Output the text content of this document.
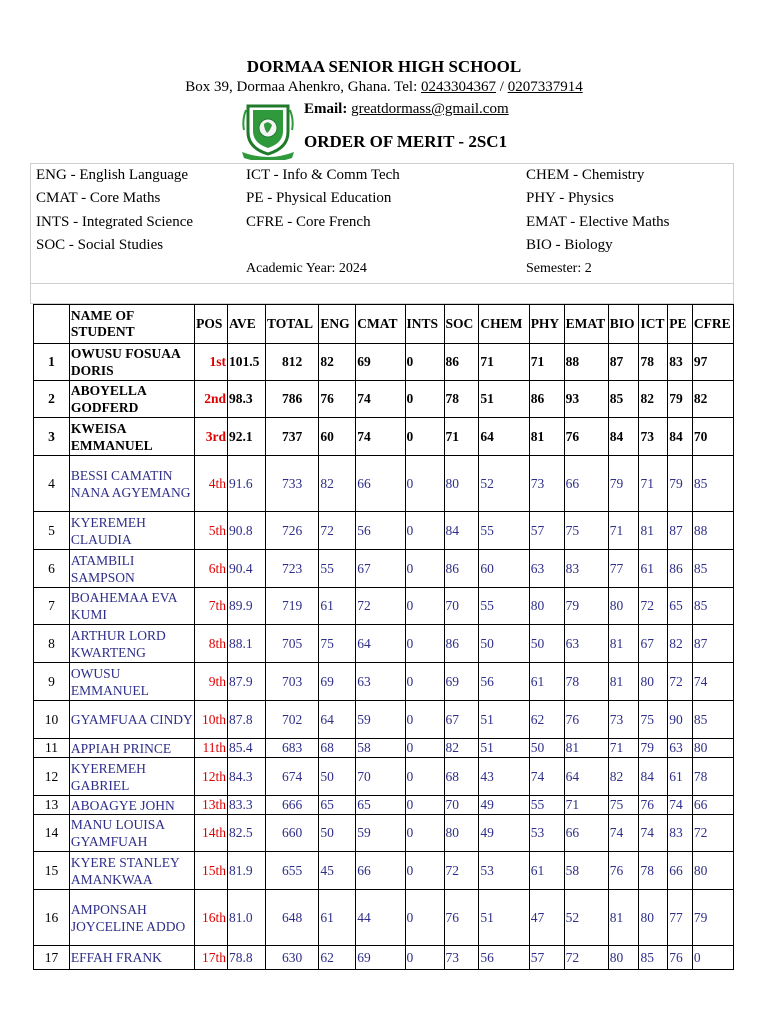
DORMAA SENIOR HIGH SCHOOL
Box 39, Dormaa Ahenkro, Ghana. Tel: 0243304367 / 0207337914
Email: greatdormass@gmail.com
ORDER OF MERIT - 2SC1
ENG - English Language
CMAT - Core Maths
INTS - Integrated Science
SOC - Social Studies
ICT - Info & Comm Tech
PE - Physical Education
CFRE - Core French
Academic Year: 2024
CHEM - Chemistry
PHY - Physics
EMAT - Elective Maths
BIO - Biology
Semester: 2
	NAME OF STUDENT	POS	AVE	TOTAL	ENG	CMAT	INTS	SOC	CHEM	PHY	EMAT	BIO	ICT	PE	CFRE
1	OWUSU FOSUAA DORIS	1st	101.5	812	82	69	0	86	71	71	88	87	78	83	97
2	ABOYELLA GODFERD	2nd	98.3	786	76	74	0	78	51	86	93	85	82	79	82
3	KWEISA EMMANUEL	3rd	92.1	737	60	74	0	71	64	81	76	84	73	84	70
4	BESSI CAMATIN NANA AGYEMANG	4th	91.6	733	82	66	0	80	52	73	66	79	71	79	85
5	KYEREMEH CLAUDIA	5th	90.8	726	72	56	0	84	55	57	75	71	81	87	88
6	ATAMBILI SAMPSON	6th	90.4	723	55	67	0	86	60	63	83	77	61	86	85
7	BOAHEMAA EVA KUMI	7th	89.9	719	61	72	0	70	55	80	79	80	72	65	85
8	ARTHUR LORD KWARTENG	8th	88.1	705	75	64	0	86	50	50	63	81	67	82	87
9	OWUSU EMMANUEL	9th	87.9	703	69	63	0	69	56	61	78	81	80	72	74
10	GYAMFUAA CINDY	10th	87.8	702	64	59	0	67	51	62	76	73	75	90	85
11	APPIAH PRINCE	11th	85.4	683	68	58	0	82	51	50	81	71	79	63	80
12	KYEREMEH GABRIEL	12th	84.3	674	50	70	0	68	43	74	64	82	84	61	78
13	ABOAGYE JOHN	13th	83.3	666	65	65	0	70	49	55	71	75	76	74	66
14	MANU LOUISA GYAMFUAH	14th	82.5	660	50	59	0	80	49	53	66	74	74	83	72
15	KYERE STANLEY AMANKWAA	15th	81.9	655	45	66	0	72	53	61	58	76	78	66	80
16	AMPONSAH JOYCELINE ADDO	16th	81.0	648	61	44	0	76	51	47	52	81	80	77	79
17	EFFAH FRANK	17th	78.8	630	62	69	0	73	56	57	72	80	85	76	0
